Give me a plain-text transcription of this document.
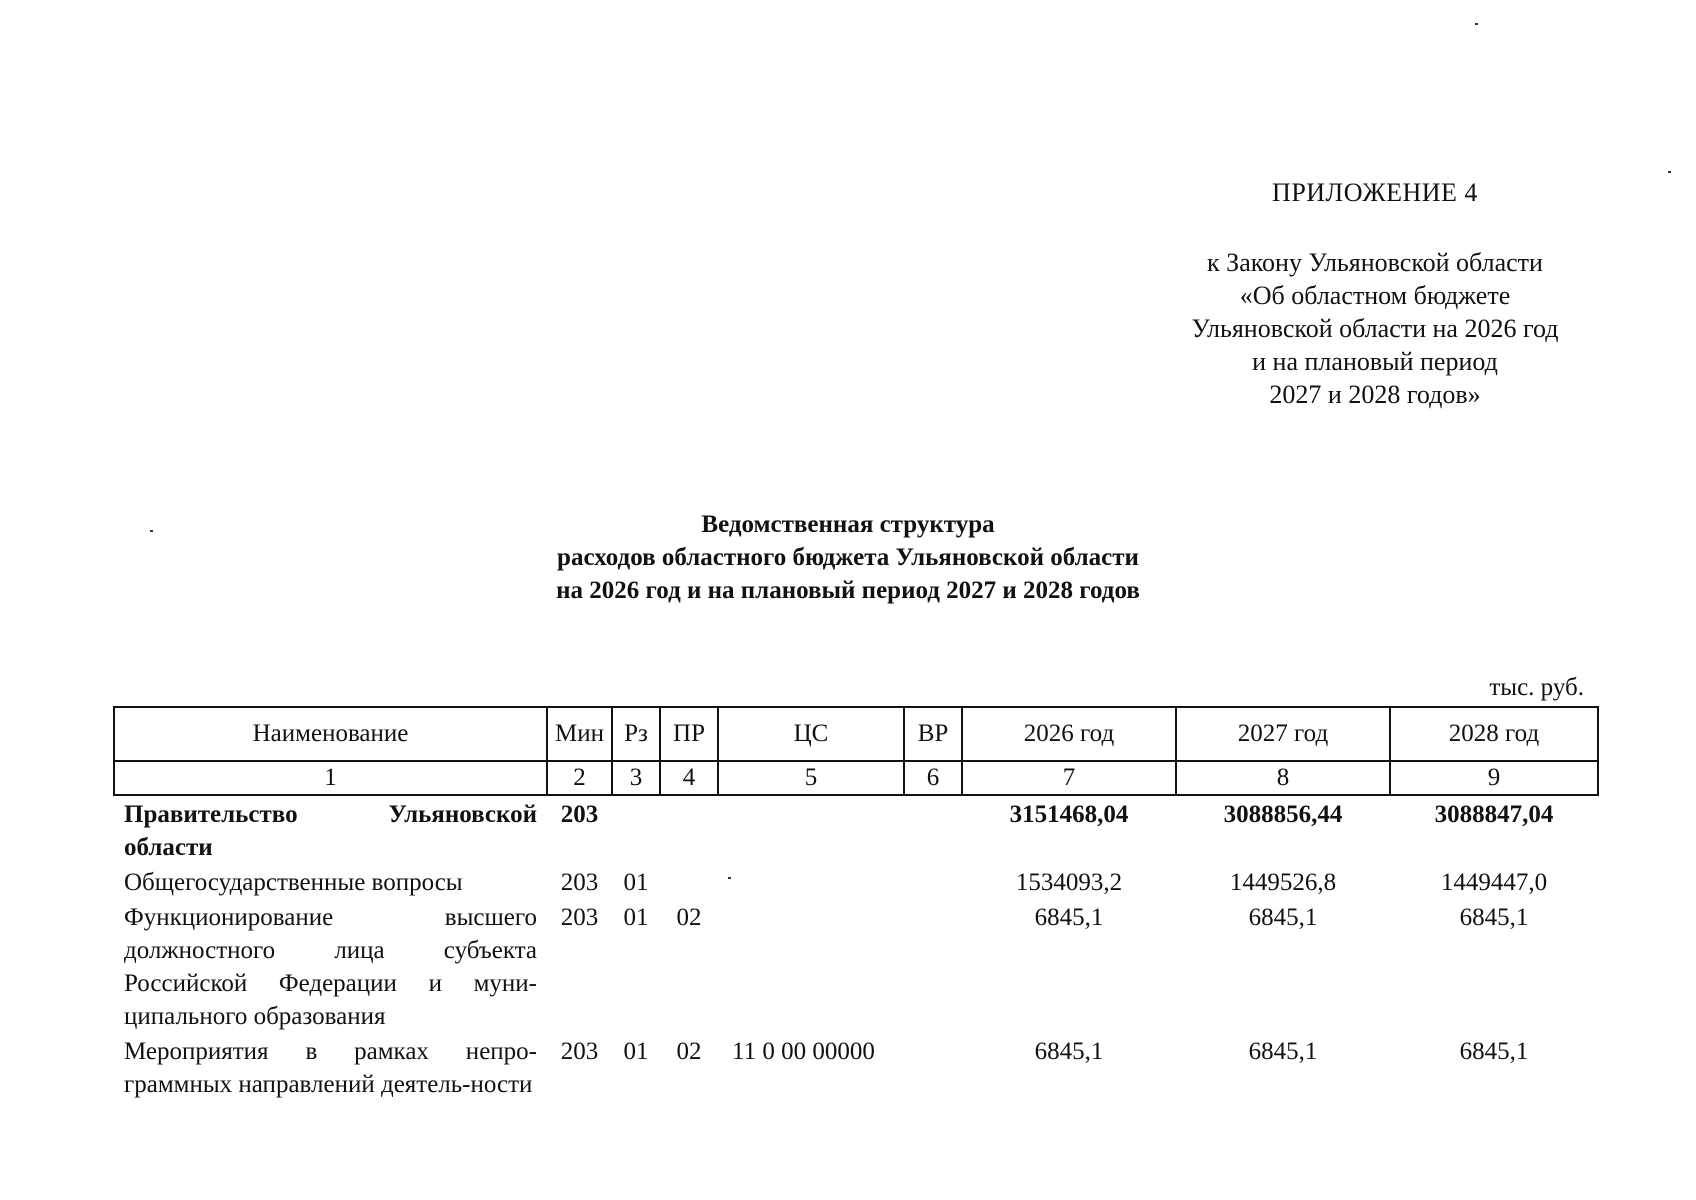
ПРИЛОЖЕНИЕ 4
к Закону Ульяновской области
«Об областном бюджете
Ульяновской области на 2026 год
и на плановый период
2027 и 2028 годов»
Ведомственная структура
расходов областного бюджета Ульяновской области
на 2026 год и на плановый период 2027 и 2028 годов
тыс. руб.
Наименование	Мин	Рз	ПР	ЦС	ВР	2026 год	2027 год	2028 год
1	2	3	4	5	6	7	8	9
Правительство Ульяновской области	203					3151468,04	3088856,44	3088847,04
Общегосударственные вопросы	203	01				1534093,2	1449526,8	1449447,0
Функционирование высшего должностного лица субъекта Российской Федерации и муни-ципального образования	203	01	02			6845,1	6845,1	6845,1
Мероприятия в рамках непро-граммных направлений деятель-ности	203	01	02	11 0 00 00000		6845,1	6845,1	6845,1
